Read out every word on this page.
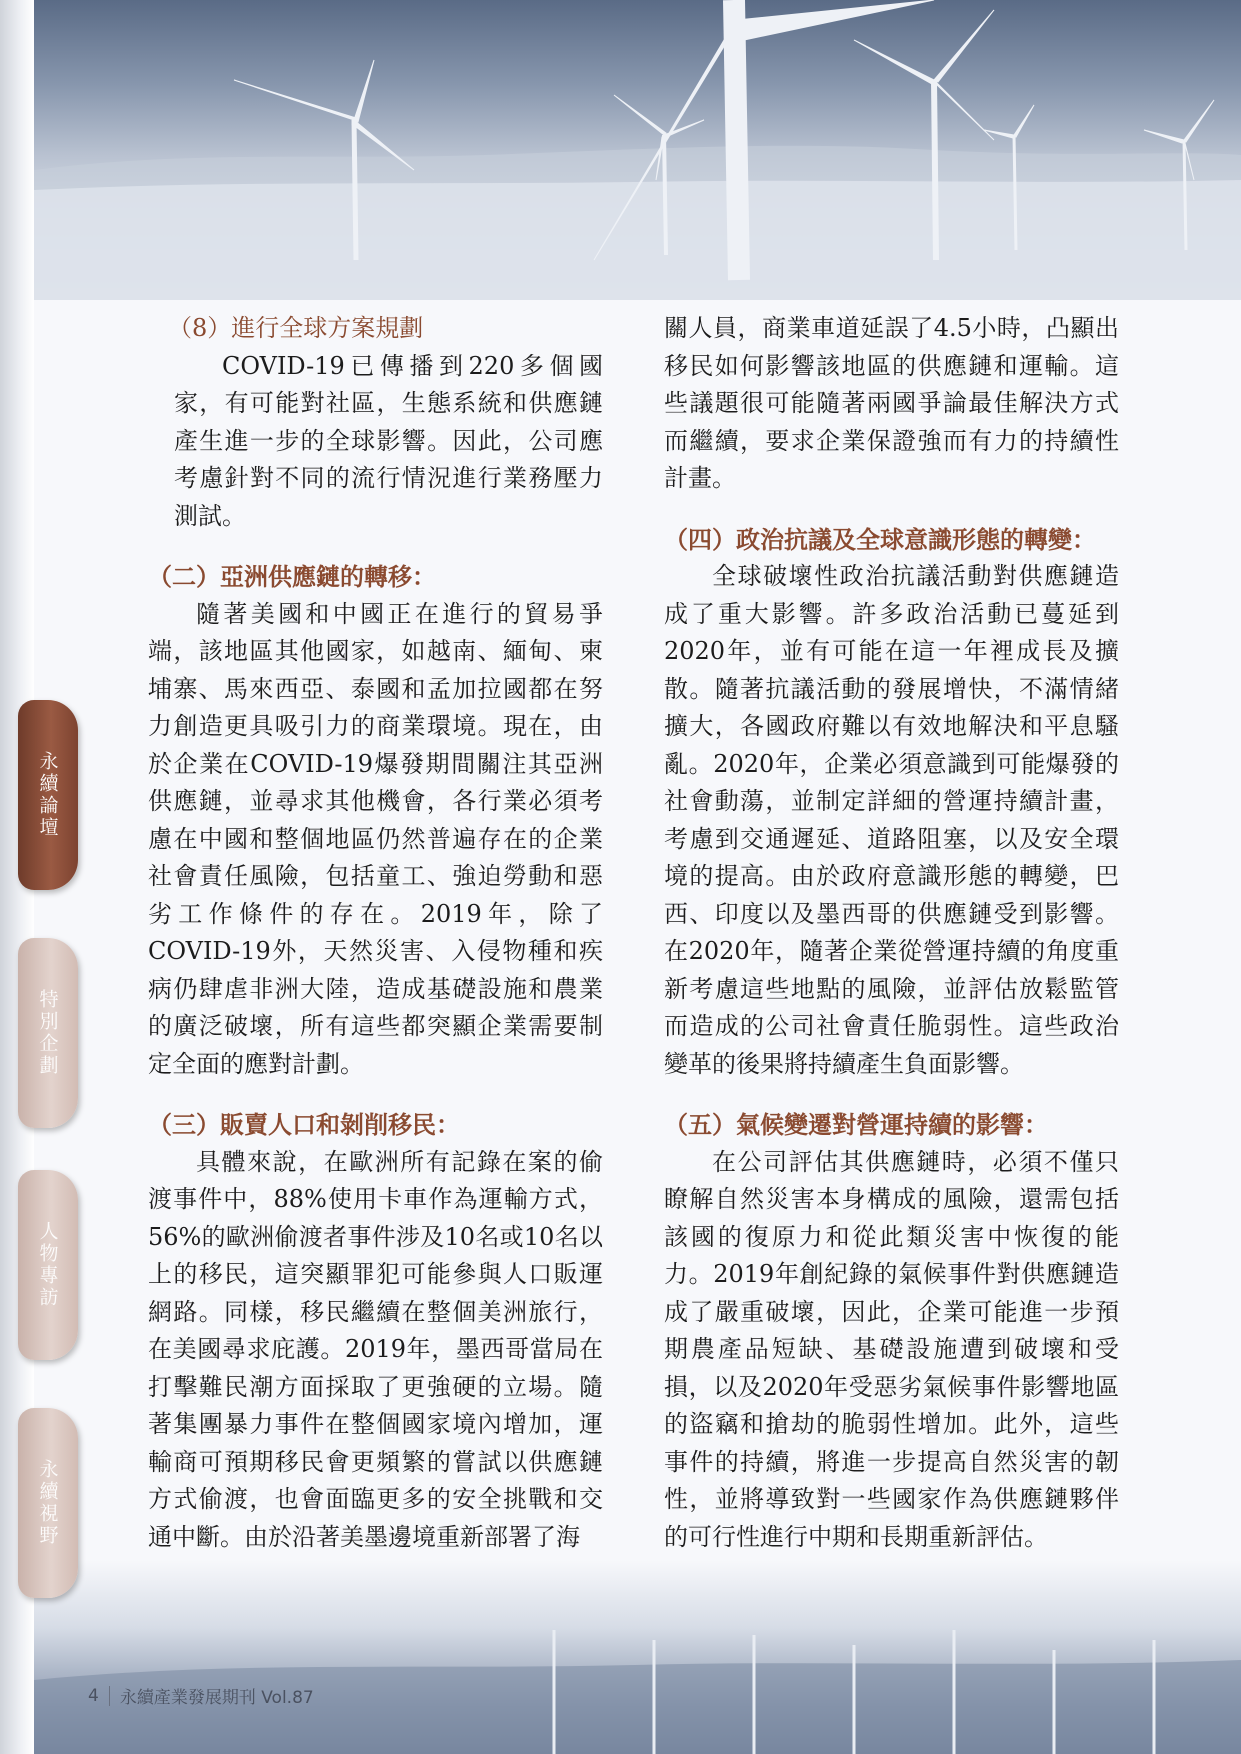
永續論壇
特別企劃
人物專訪
永續視野
（8）進行全球方案規劃

COVID-19已傳播到220多個國家，有可能對社區，生態系統和供應鏈產生進一步的全球影響。因此，公司應考慮針對不同的流行情況進行業務壓力測試。

（二）亞洲供應鏈的轉移：

隨著美國和中國正在進行的貿易爭端，該地區其他國家，如越南、緬甸、柬埔寨、馬來西亞、泰國和孟加拉國都在努力創造更具吸引力的商業環境。現在，由於企業在COVID-19爆發期間關注其亞洲供應鏈，並尋求其他機會，各行業必須考慮在中國和整個地區仍然普遍存在的企業社會責任風險，包括童工、強迫勞動和惡劣工作條件的存在。2019年，除了COVID-19外，天然災害、入侵物種和疾病仍肆虐非洲大陸，造成基礎設施和農業的廣泛破壞，所有這些都突顯企業需要制定全面的應對計劃。

（三）販賣人口和剝削移民：

具體來說，在歐洲所有記錄在案的偷渡事件中，88%使用卡車作為運輸方式，56%的歐洲偷渡者事件涉及10名或10名以上的移民，這突顯罪犯可能參與人口販運網路。同樣，移民繼續在整個美洲旅行，在美國尋求庇護。2019年，墨西哥當局在打擊難民潮方面採取了更強硬的立場。隨著集團暴力事件在整個國家境內增加，運輸商可預期移民會更頻繁的嘗試以供應鏈方式偷渡，也會面臨更多的安全挑戰和交通中斷。由於沿著美墨邊境重新部署了海

關人員，商業車道延誤了4.5小時，凸顯出移民如何影響該地區的供應鏈和運輸。這些議題很可能隨著兩國爭論最佳解決方式而繼續，要求企業保證強而有力的持續性計畫。

（四）政治抗議及全球意識形態的轉變：

全球破壞性政治抗議活動對供應鏈造成了重大影響。許多政治活動已蔓延到2020年，並有可能在這一年裡成長及擴散。隨著抗議活動的發展增快，不滿情緒擴大，各國政府難以有效地解決和平息騷亂。2020年，企業必須意識到可能爆發的社會動蕩，並制定詳細的營運持續計畫，考慮到交通遲延、道路阻塞，以及安全環境的提高。由於政府意識形態的轉變，巴西、印度以及墨西哥的供應鏈受到影響。在2020年，隨著企業從營運持續的角度重新考慮這些地點的風險，並評估放鬆監管而造成的公司社會責任脆弱性。這些政治變革的後果將持續產生負面影響。

（五）氣候變遷對營運持續的影響：

在公司評估其供應鏈時，必須不僅只瞭解自然災害本身構成的風險，還需包括該國的復原力和從此類災害中恢復的能力。2019年創紀錄的氣候事件對供應鏈造成了嚴重破壞，因此，企業可能進一步預期農產品短缺、基礎設施遭到破壞和受損，以及2020年受惡劣氣候事件影響地區的盜竊和搶劫的脆弱性增加。此外，這些事件的持續，將進一步提高自然災害的韌性，並將導致對一些國家作為供應鏈夥伴的可行性進行中期和長期重新評估。

4 永續產業發展期刊 Vol.87
